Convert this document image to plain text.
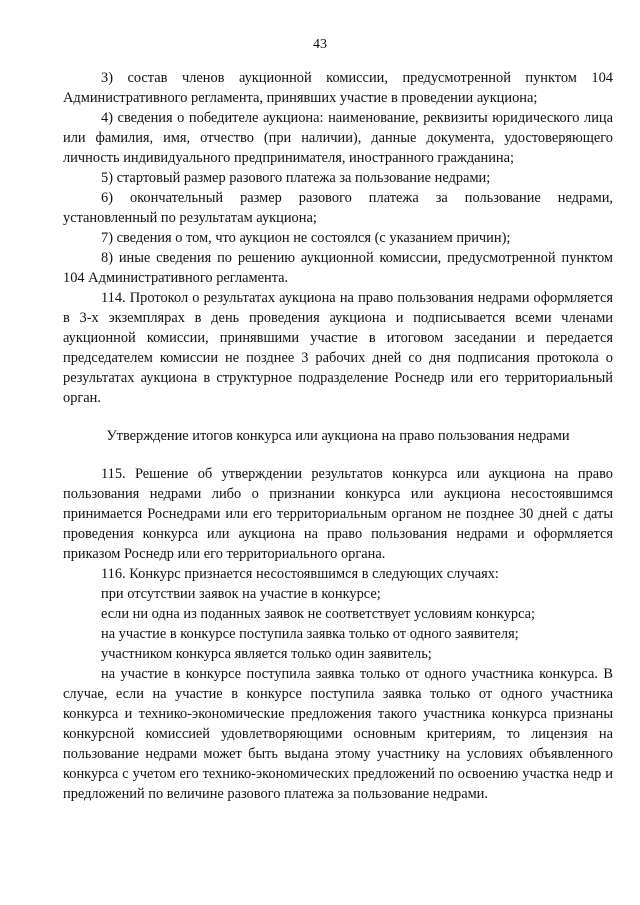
43

3) состав членов аукционной комиссии, предусмотренной пунктом 104 Административного регламента, принявших участие в проведении аукциона;

4) сведения о победителе аукциона: наименование, реквизиты юридического лица или фамилия, имя, отчество (при наличии), данные документа, удостоверяющего личность индивидуального предпринимателя, иностранного гражданина;

5) стартовый размер разового платежа за пользование недрами;

6) окончательный размер разового платежа за пользование недрами, установленный по результатам аукциона;

7) сведения о том, что аукцион не состоялся (с указанием причин);

8) иные сведения по решению аукционной комиссии, предусмотренной пунктом 104 Административного регламента.

114. Протокол о результатах аукциона на право пользования недрами оформляется в 3-х экземплярах в день проведения аукциона и подписывается всеми членами аукционной комиссии, принявшими участие в итоговом заседании и передается председателем комиссии не позднее 3 рабочих дней со дня подписания протокола о результатах аукциона в структурное подразделение Роснедр или его территориальный орган.

Утверждение итогов конкурса или аукциона на право пользования недрами

115. Решение об утверждении результатов конкурса или аукциона на право пользования недрами либо о признании конкурса или аукциона несостоявшимся принимается Роснедрами или его территориальным органом не позднее 30 дней с даты проведения конкурса или аукциона на право пользования недрами и оформляется приказом Роснедр или его территориального органа.

116. Конкурс признается несостоявшимся в следующих случаях:

при отсутствии заявок на участие в конкурсе;

если ни одна из поданных заявок не соответствует условиям конкурса;

на участие в конкурсе поступила заявка только от одного заявителя;

участником конкурса является только один заявитель;

на участие в конкурсе поступила заявка только от одного участника конкурса. В случае, если на участие в конкурсе поступила заявка только от одного участника конкурса и технико-экономические предложения такого участника конкурса признаны конкурсной комиссией удовлетворяющими основным критериям, то лицензия на пользование недрами может быть выдана этому участнику на условиях объявленного конкурса с учетом его технико-экономических предложений по освоению участка недр и предложений по величине разового платежа за пользование недрами.
